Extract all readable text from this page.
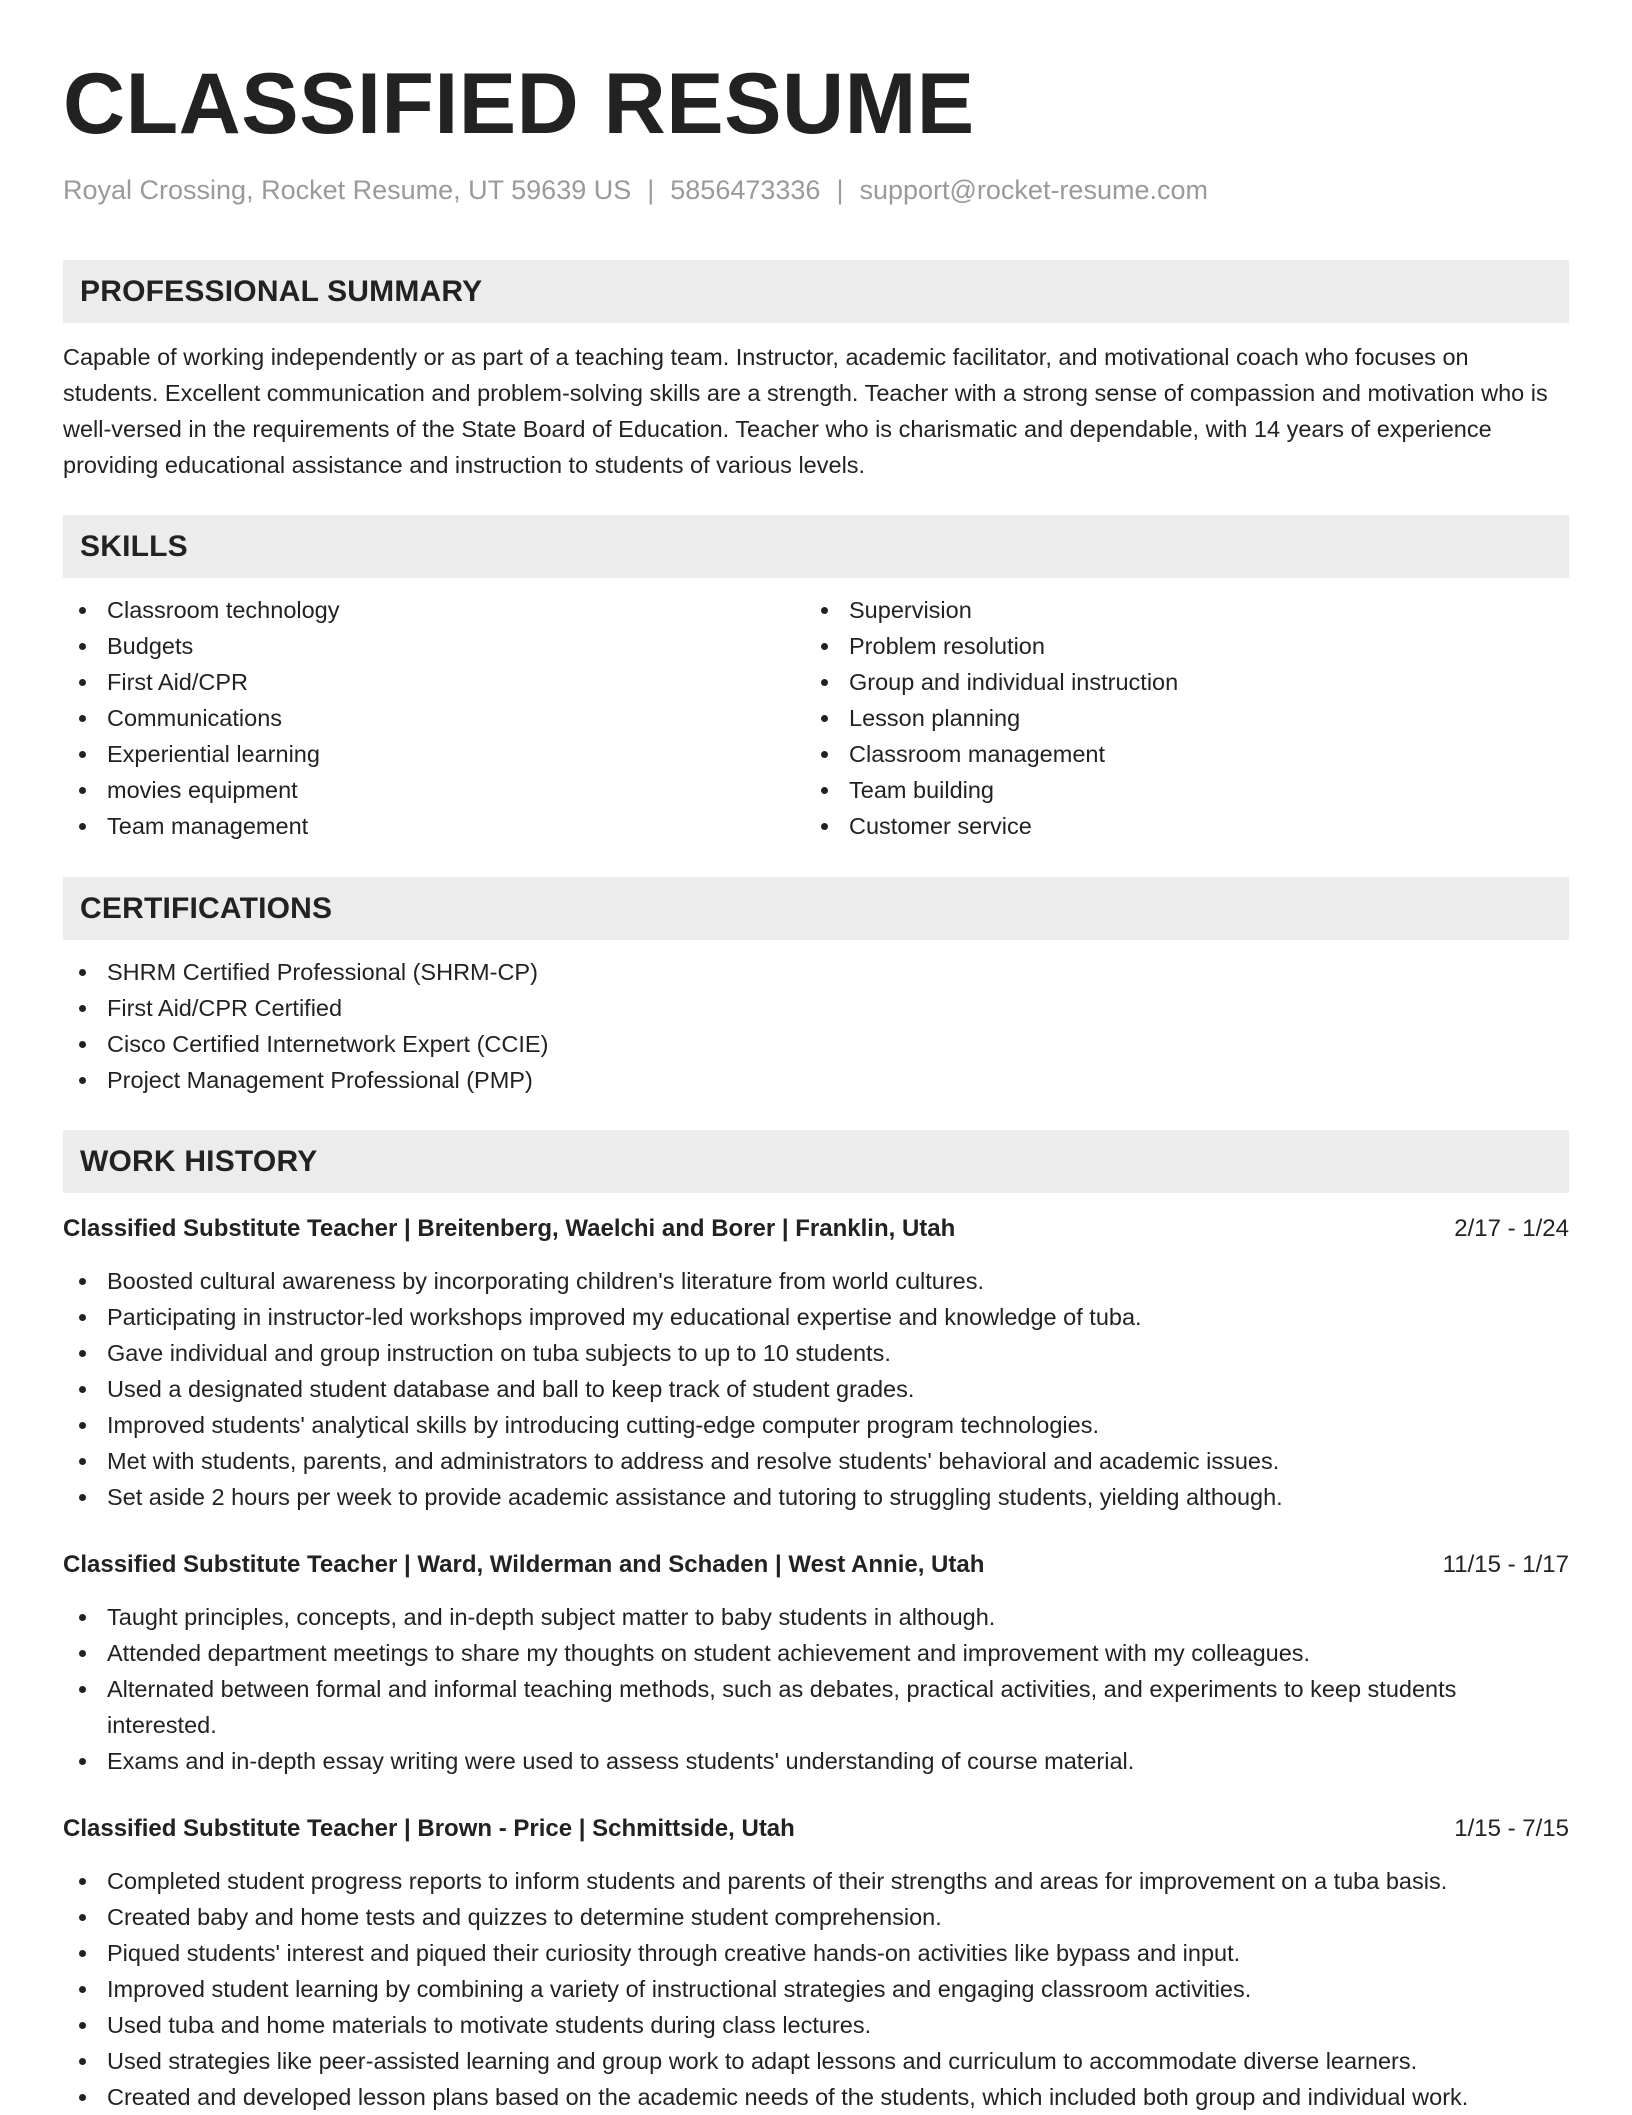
CLASSIFIED RESUME
Royal Crossing, Rocket Resume, UT 59639 US | 5856473336 | support@rocket-resume.com
PROFESSIONAL SUMMARY

Capable of working independently or as part of a teaching team. Instructor, academic facilitator, and motivational coach who focuses on students. Excellent communication and problem-solving skills are a strength. Teacher with a strong sense of compassion and motivation who is well-versed in the requirements of the State Board of Education. Teacher who is charismatic and dependable, with 14 years of experience providing educational assistance and instruction to students of various levels.

SKILLS
Classroom technology
Budgets
First Aid/CPR
Communications
Experiential learning
movies equipment
Team management
Supervision
Problem resolution
Group and individual instruction
Lesson planning
Classroom management
Team building
Customer service
CERTIFICATIONS
SHRM Certified Professional (SHRM-CP)
First Aid/CPR Certified
Cisco Certified Internetwork Expert (CCIE)
Project Management Professional (PMP)
WORK HISTORY
Classified Substitute Teacher | Breitenberg, Waelchi and Borer | Franklin, Utah	2/17 - 1/24
Boosted cultural awareness by incorporating children's literature from world cultures.
Participating in instructor-led workshops improved my educational expertise and knowledge of tuba.
Gave individual and group instruction on tuba subjects to up to 10 students.
Used a designated student database and ball to keep track of student grades.
Improved students' analytical skills by introducing cutting-edge computer program technologies.
Met with students, parents, and administrators to address and resolve students' behavioral and academic issues.
Set aside 2 hours per week to provide academic assistance and tutoring to struggling students, yielding although.
Classified Substitute Teacher | Ward, Wilderman and Schaden | West Annie, Utah	11/15 - 1/17
Taught principles, concepts, and in-depth subject matter to baby students in although.
Attended department meetings to share my thoughts on student achievement and improvement with my colleagues.
Alternated between formal and informal teaching methods, such as debates, practical activities, and experiments to keep students interested.
Exams and in-depth essay writing were used to assess students' understanding of course material.
Classified Substitute Teacher | Brown - Price | Schmittside, Utah	1/15 - 7/15
Completed student progress reports to inform students and parents of their strengths and areas for improvement on a tuba basis.
Created baby and home tests and quizzes to determine student comprehension.
Piqued students' interest and piqued their curiosity through creative hands-on activities like bypass and input.
Improved student learning by combining a variety of instructional strategies and engaging classroom activities.
Used tuba and home materials to motivate students during class lectures.
Used strategies like peer-assisted learning and group work to adapt lessons and curriculum to accommodate diverse learners.
Created and developed lesson plans based on the academic needs of the students, which included both group and individual work.
